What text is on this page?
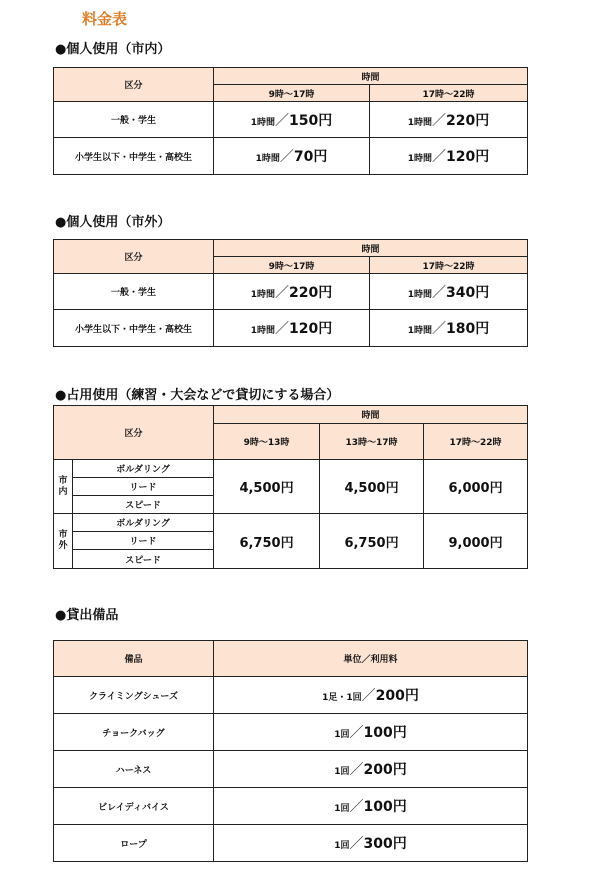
料金表
●個人使用（市内）
区分	時間	
	9時～17時	17時～22時
一般・学生	1時間／150円	1時間／220円
小学生以下・中学生・高校生	1時間／70円	1時間／120円
●個人使用（市外）
区分	時間	
	9時～17時	17時～22時
一般・学生	1時間／220円	1時間／340円
小学生以下・中学生・高校生	1時間／120円	1時間／180円
●占用使用（練習・大会などで貸切にする場合）
区分		時間		
		9時～13時	13時～17時	17時～22時
市
内	ボルダリング	4,500円	4,500円	6,000円
	リード			
	スピード			
市
外	ボルダリング	6,750円	6,750円	9,000円
	リード			
	スピード			
●貸出備品
備品	単位／利用料
クライミングシューズ	1足・1回／200円
チョークバッグ	1回／100円
ハーネス	1回／200円
ビレイディバイス	1回／100円
ロープ	1回／300円
